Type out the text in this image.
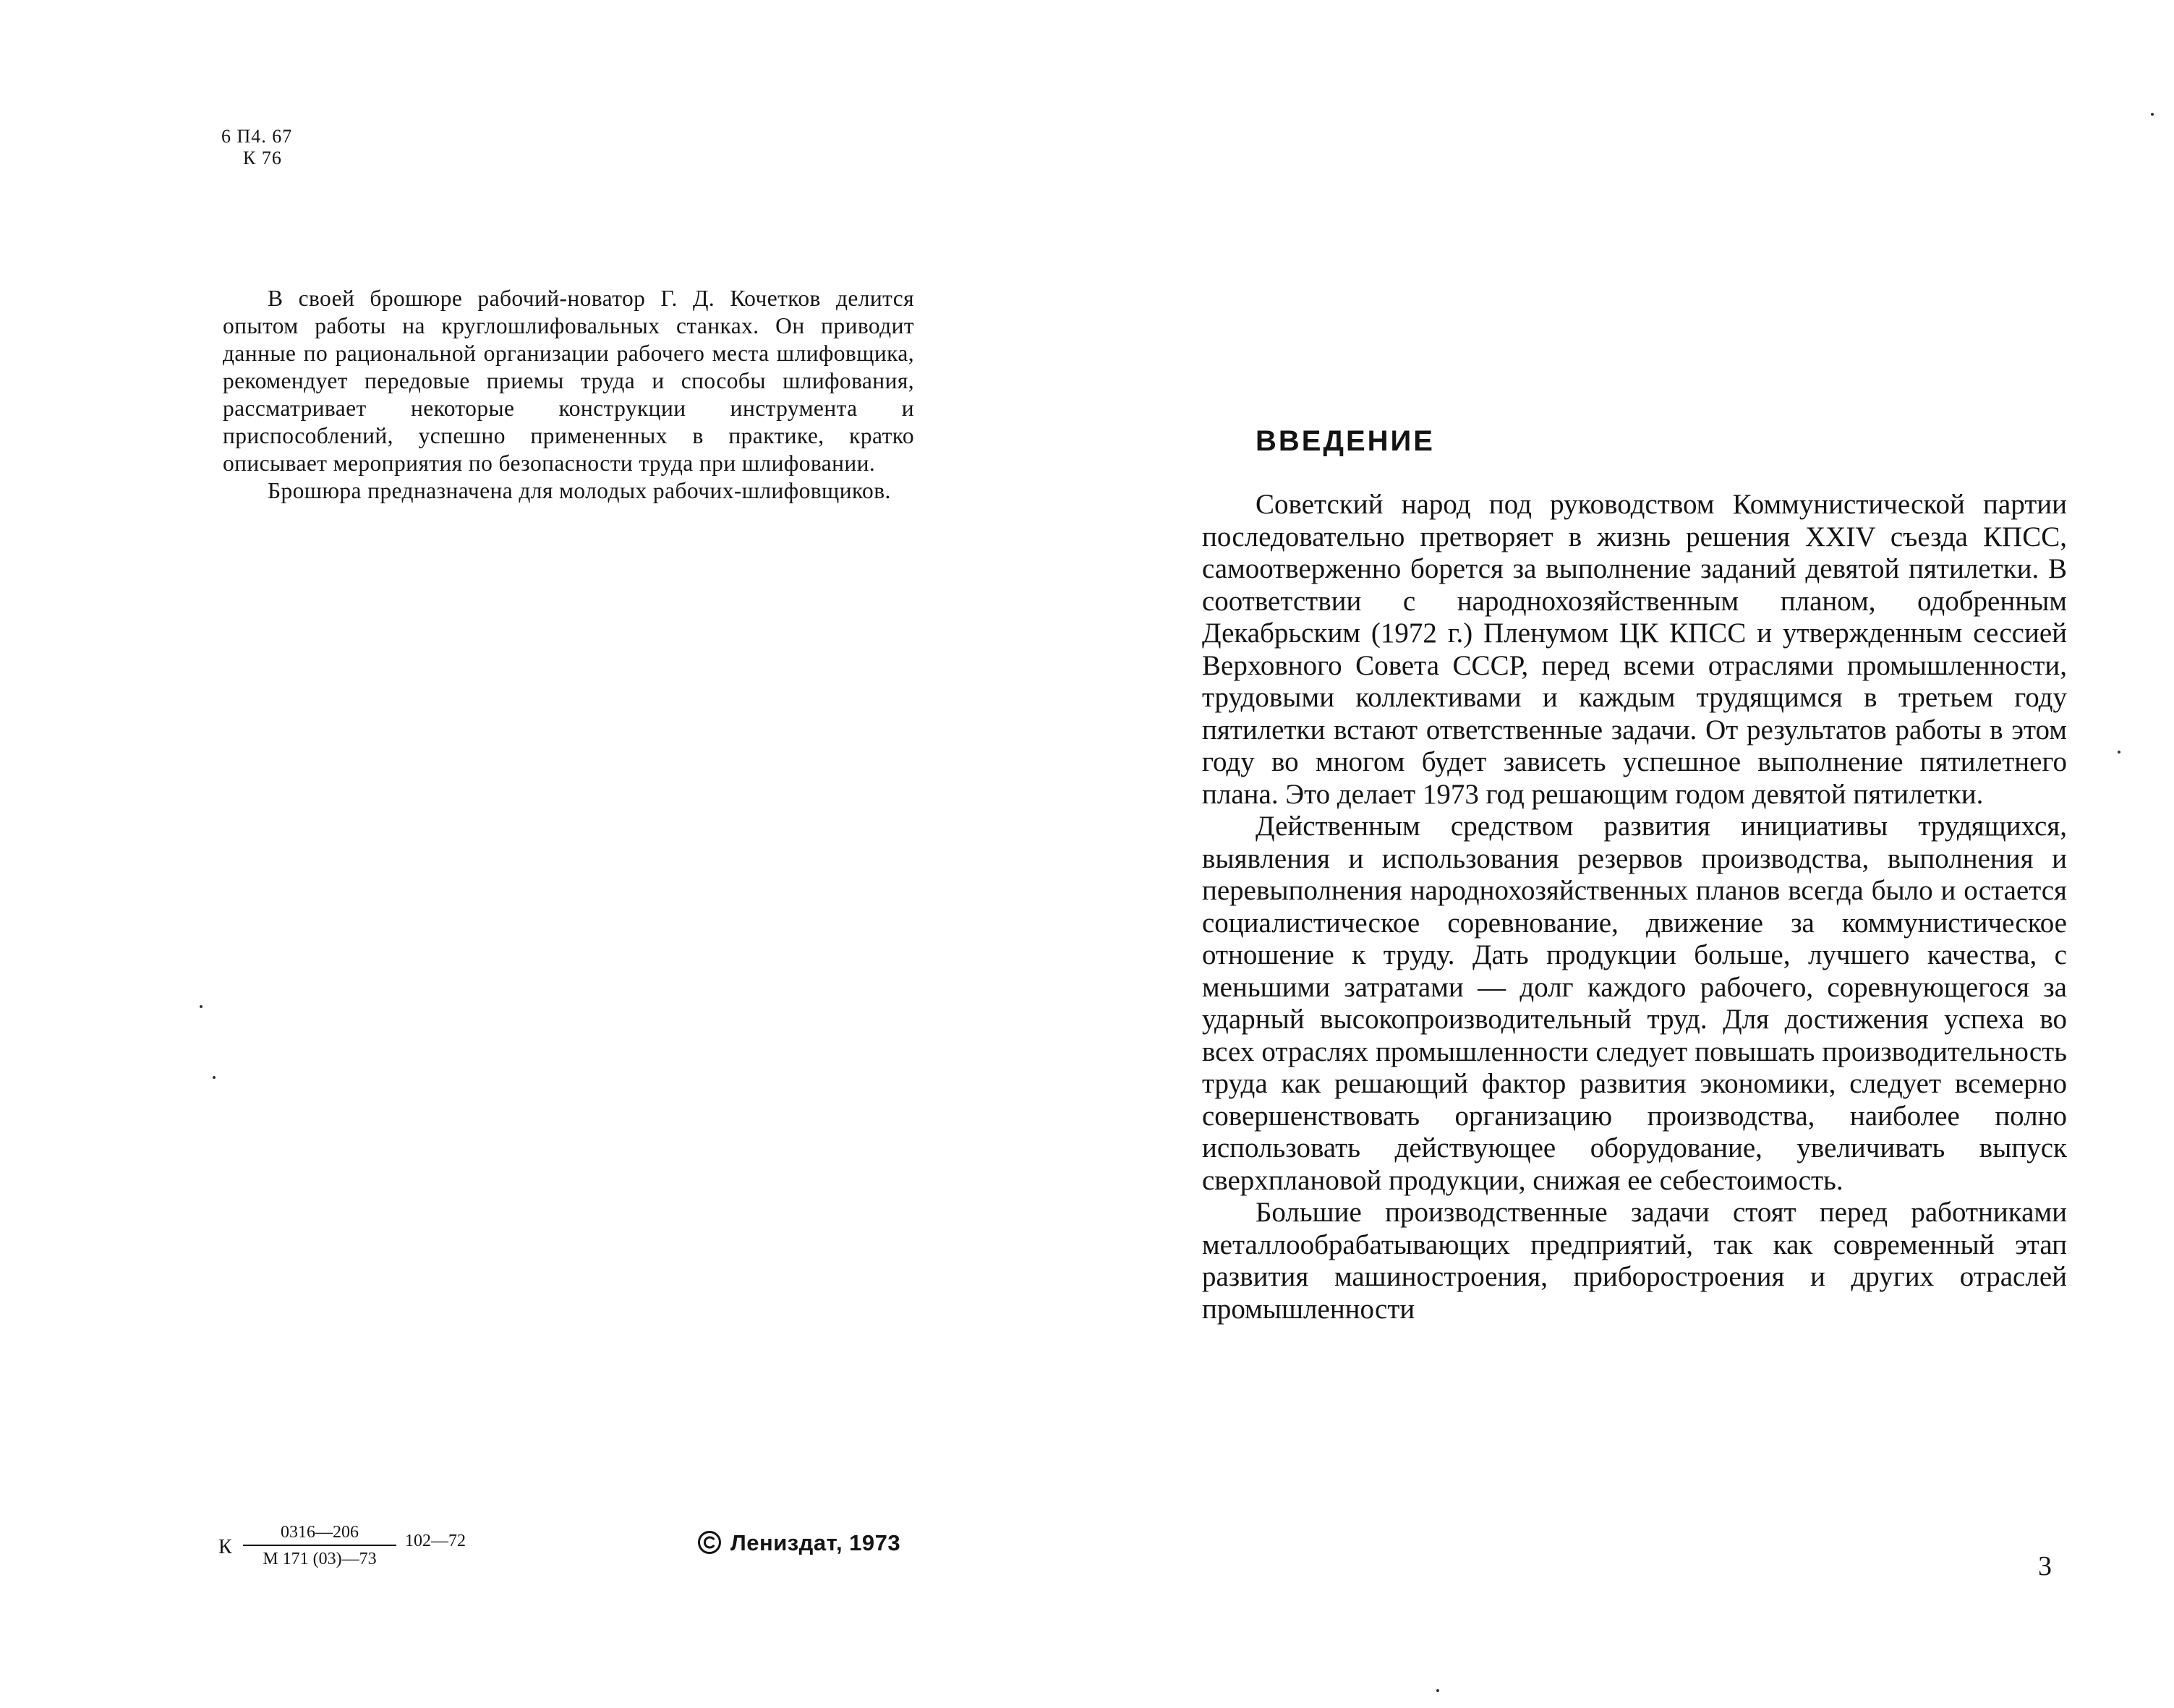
6 П4. 67
К 76

В своей брошюре рабочий-новатор Г. Д. Кочетков делится опытом работы на круглошлифовальных станках. Он приводит данные по рациональной организации рабочего места шлифовщика, рекомендует передовые приемы труда и способы шлифования, рассматривает некоторые конструкции инструмента и приспособлений, успешно примененных в практике, кратко описывает мероприятия по безопасности труда при шлифовании.

Брошюра предназначена для молодых рабочих-шлифовщиков.

К
0316—206
М 171 (03)—73
102—72	Лениздат, 1973
ВВЕДЕНИЕ

Советский народ под руководством Коммунистической партии последовательно претворяет в жизнь решения XXIV съезда КПСС, самоотверженно борется за выполнение заданий девятой пятилетки. В соответствии с народнохозяйственным планом, одобренным Декабрьским (1972 г.) Пленумом ЦК КПСС и утвержденным сессией Верховного Совета СССР, перед всеми отраслями промышленности, трудовыми коллективами и каждым трудящимся в третьем году пятилетки встают ответственные задачи. От результатов работы в этом году во многом будет зависеть успешное выполнение пятилетнего плана. Это делает 1973 год решающим годом девятой пятилетки.

Действенным средством развития инициативы трудящихся, выявления и использования резервов производства, выполнения и перевыполнения народнохозяйственных планов всегда было и остается социалистическое соревнование, движение за коммунистическое отношение к труду. Дать продукции больше, лучшего качества, с меньшими затратами — долг каждого рабочего, соревнующегося за ударный высокопроизводительный труд. Для достижения успеха во всех отраслях промышленности следует повышать производительность труда как решающий фактор развития экономики, следует всемерно совершенствовать организацию производства, наиболее полно использовать действующее оборудование, увеличивать выпуск сверхплановой продукции, снижая ее себестоимость.

Большие производственные задачи стоят перед работниками металлообрабатывающих предприятий, так как современный этап развития машиностроения, приборостроения и других отраслей промышленности

3
